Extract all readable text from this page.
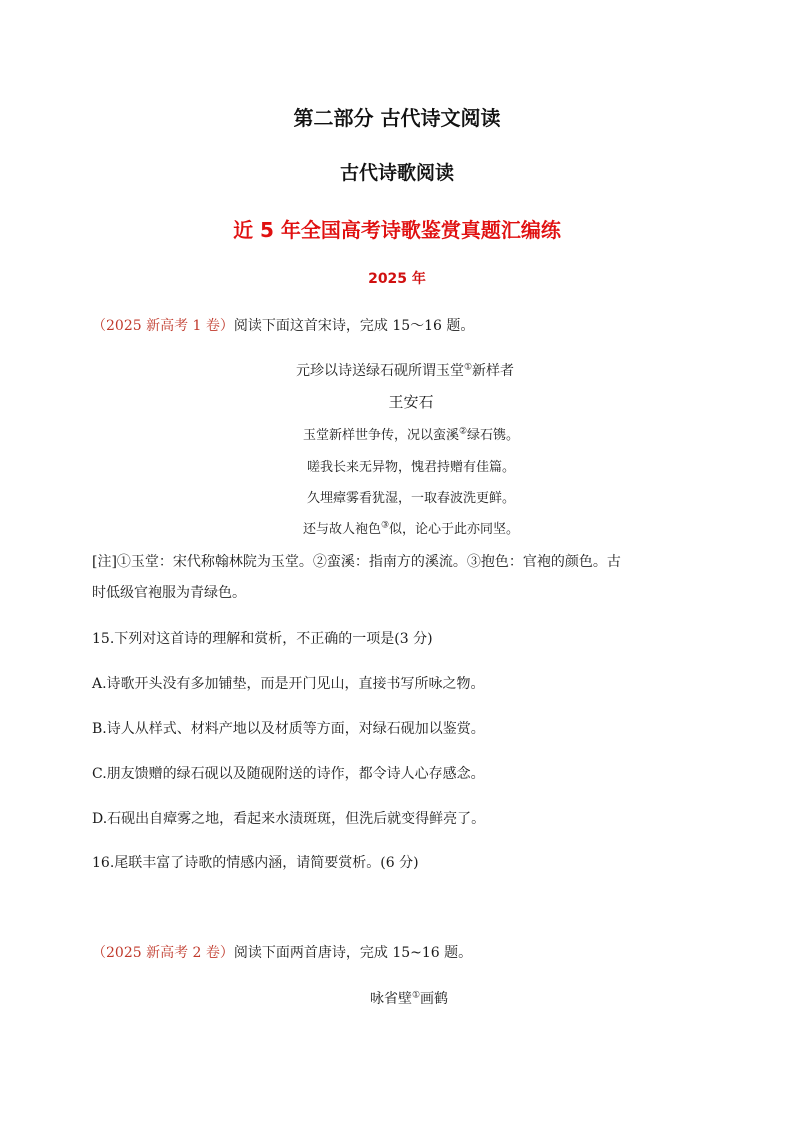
第二部分 古代诗文阅读
古代诗歌阅读
近 5 年全国高考诗歌鉴赏真题汇编练
2025 年
（2025 新高考 1 卷）阅读下面这首宋诗，完成 15～16 题。
元珍以诗送绿石砚所谓玉堂①新样者
王安石
玉堂新样世争传，况以蛮溪②绿石镌。
嗟我长来无异物，愧君持赠有佳篇。
久埋瘴雾看犹湿，一取春波洗更鲜。
还与故人袍色③似，论心于此亦同坚。
[注]①玉堂：宋代称翰林院为玉堂。②蛮溪：指南方的溪流。③抱色：官袍的颜色。古
时低级官袍服为青绿色。
15.下列对这首诗的理解和赏析，不正确的一项是(3 分)
A.诗歌开头没有多加铺垫，而是开门见山，直接书写所咏之物。
B.诗人从样式、材料产地以及材质等方面，对绿石砚加以鉴赏。
C.朋友馈赠的绿石砚以及随砚附送的诗作，都令诗人心存感念。
D.石砚出自瘴雾之地，看起来水渍斑斑，但洗后就变得鲜亮了。
16.尾联丰富了诗歌的情感内涵，请简要赏析。(6 分)
（2025 新高考 2 卷）阅读下面两首唐诗，完成 15~16 题。
咏省壁①画鹤
